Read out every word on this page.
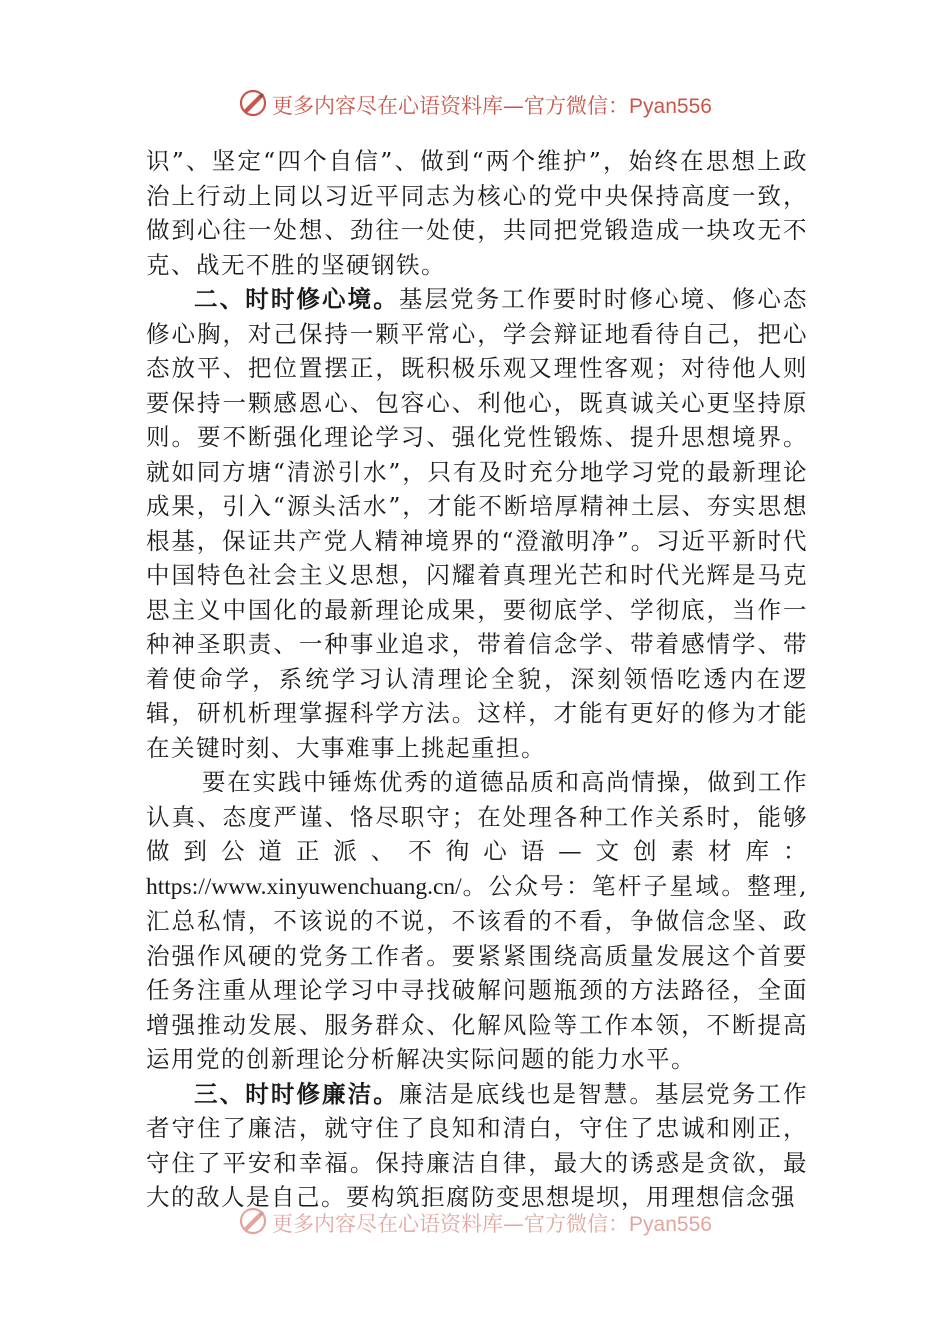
更多内容尽在心语资料库—官方微信：Pyan556

识”、坚定“四个自信”、做到“两个维护”，始终在思想上政治上行动上同以习近平同志为核心的党中央保持高度一致，做到心往一处想、劲往一处使，共同把党锻造成一块攻无不克、战无不胜的坚硬钢铁。

二、时时修心境。基层党务工作要时时修心境、修心态修心胸，对己保持一颗平常心，学会辩证地看待自己，把心态放平、把位置摆正，既积极乐观又理性客观；对待他人则要保持一颗感恩心、包容心、利他心，既真诚关心更坚持原则。要不断强化理论学习、强化党性锻炼、提升思想境界。就如同方塘“清淤引水”，只有及时充分地学习党的最新理论成果，引入“源头活水”，才能不断培厚精神土层、夯实思想根基，保证共产党人精神境界的“澄澈明净”。习近平新时代中国特色社会主义思想，闪耀着真理光芒和时代光辉是马克思主义中国化的最新理论成果，要彻底学、学彻底，当作一种神圣职责、一种事业追求，带着信念学、带着感情学、带着使命学，系统学习认清理论全貌，深刻领悟吃透内在逻辑，研机析理掌握科学方法。这样，才能有更好的修为才能在关键时刻、大事难事上挑起重担。

要在实践中锤炼优秀的道德品质和高尚情操，做到工作认真、态度严谨、恪尽职守；在处理各种工作关系时，能够做到公道正派、不徇心语—文创素材库：https://www.xinyuwenchuang.cn/。公众号：笔杆子星域。整理,汇总私情，不该说的不说，不该看的不看，争做信念坚、政治强作风硬的党务工作者。要紧紧围绕高质量发展这个首要任务注重从理论学习中寻找破解问题瓶颈的方法路径，全面增强推动发展、服务群众、化解风险等工作本领，不断提高运用党的创新理论分析解决实际问题的能力水平。

三、时时修廉洁。廉洁是底线也是智慧。基层党务工作者守住了廉洁，就守住了良知和清白，守住了忠诚和刚正，守住了平安和幸福。保持廉洁自律，最大的诱惑是贪欲，最大的敌人是自己。要构筑拒腐防变思想堤坝，用理想信念强

更多内容尽在心语资料库—官方微信：Pyan556
